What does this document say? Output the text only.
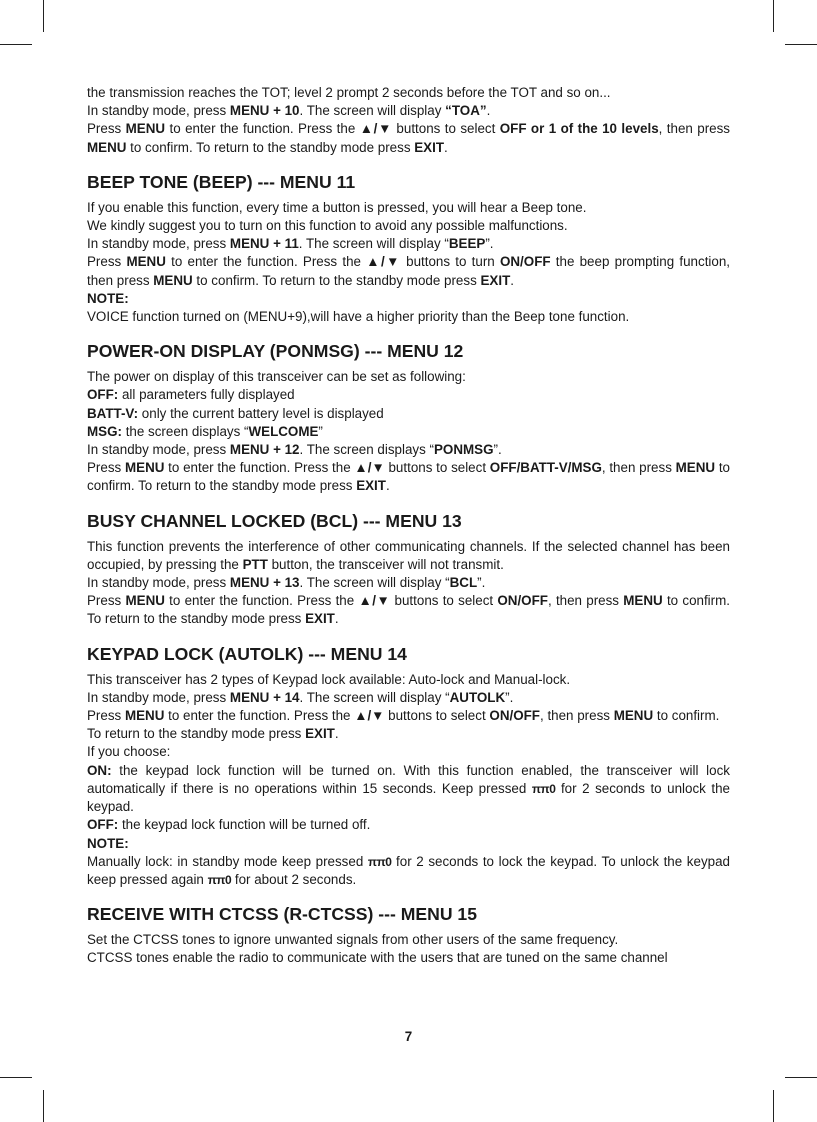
the transmission reaches the TOT; level 2 prompt 2 seconds before the TOT and so on...

In standby mode, press MENU + 10. The screen will display “TOA”.

Press MENU to enter the function. Press the ▲/▼ buttons to select OFF or 1 of the 10 levels, then press MENU to confirm. To return to the standby mode press EXIT.

BEEP TONE (BEEP) --- MENU 11

If you enable this function, every time a button is pressed, you will hear a Beep tone.

We kindly suggest you to turn on this function to avoid any possible malfunctions.

In standby mode, press MENU + 11. The screen will display “BEEP”.

Press MENU to enter the function. Press the ▲/▼ buttons to turn ON/OFF the beep prompting function, then press MENU to confirm. To return to the standby mode press EXIT.

NOTE:

VOICE function turned on (MENU+9),will have a higher priority than the Beep tone function.

POWER-ON DISPLAY (PONMSG) --- MENU 12

The power on display of this transceiver can be set as following:

OFF: all parameters fully displayed

BATT-V: only the current battery level is displayed

MSG: the screen displays “WELCOME”

In standby mode, press MENU + 12. The screen displays “PONMSG”.

Press MENU to enter the function. Press the ▲/▼ buttons to select OFF/BATT-V/MSG, then press MENU to confirm. To return to the standby mode press EXIT.

BUSY CHANNEL LOCKED (BCL) --- MENU 13

This function prevents the interference of other communicating channels. If the selected channel has been occupied, by pressing the PTT button, the transceiver will not transmit.

In standby mode, press MENU + 13. The screen will display “BCL”.

Press MENU to enter the function. Press the ▲/▼ buttons to select ON/OFF, then press MENU to confirm. To return to the standby mode press EXIT.

KEYPAD LOCK (AUTOLK) --- MENU 14

This transceiver has 2 types of Keypad lock available: Auto-lock and Manual-lock.

In standby mode, press MENU + 14. The screen will display “AUTOLK”.

Press MENU to enter the function. Press the ▲/▼ buttons to select ON/OFF, then press MENU to confirm.

To return to the standby mode press EXIT.

If you choose:

ON: the keypad lock function will be turned on. With this function enabled, the transceiver will lock automatically if there is no operations within 15 seconds. Keep pressed ππ0 for 2 seconds to unlock the keypad.

OFF: the keypad lock function will be turned off.

NOTE:

Manually lock: in standby mode keep pressed ππ0 for 2 seconds to lock the keypad. To unlock the keypad keep pressed again ππ0 for about 2 seconds.

RECEIVE WITH CTCSS (R-CTCSS) --- MENU 15

Set the CTCSS tones to ignore unwanted signals from other users of the same frequency.

CTCSS tones enable the radio to communicate with the users that are tuned on the same channel

7
